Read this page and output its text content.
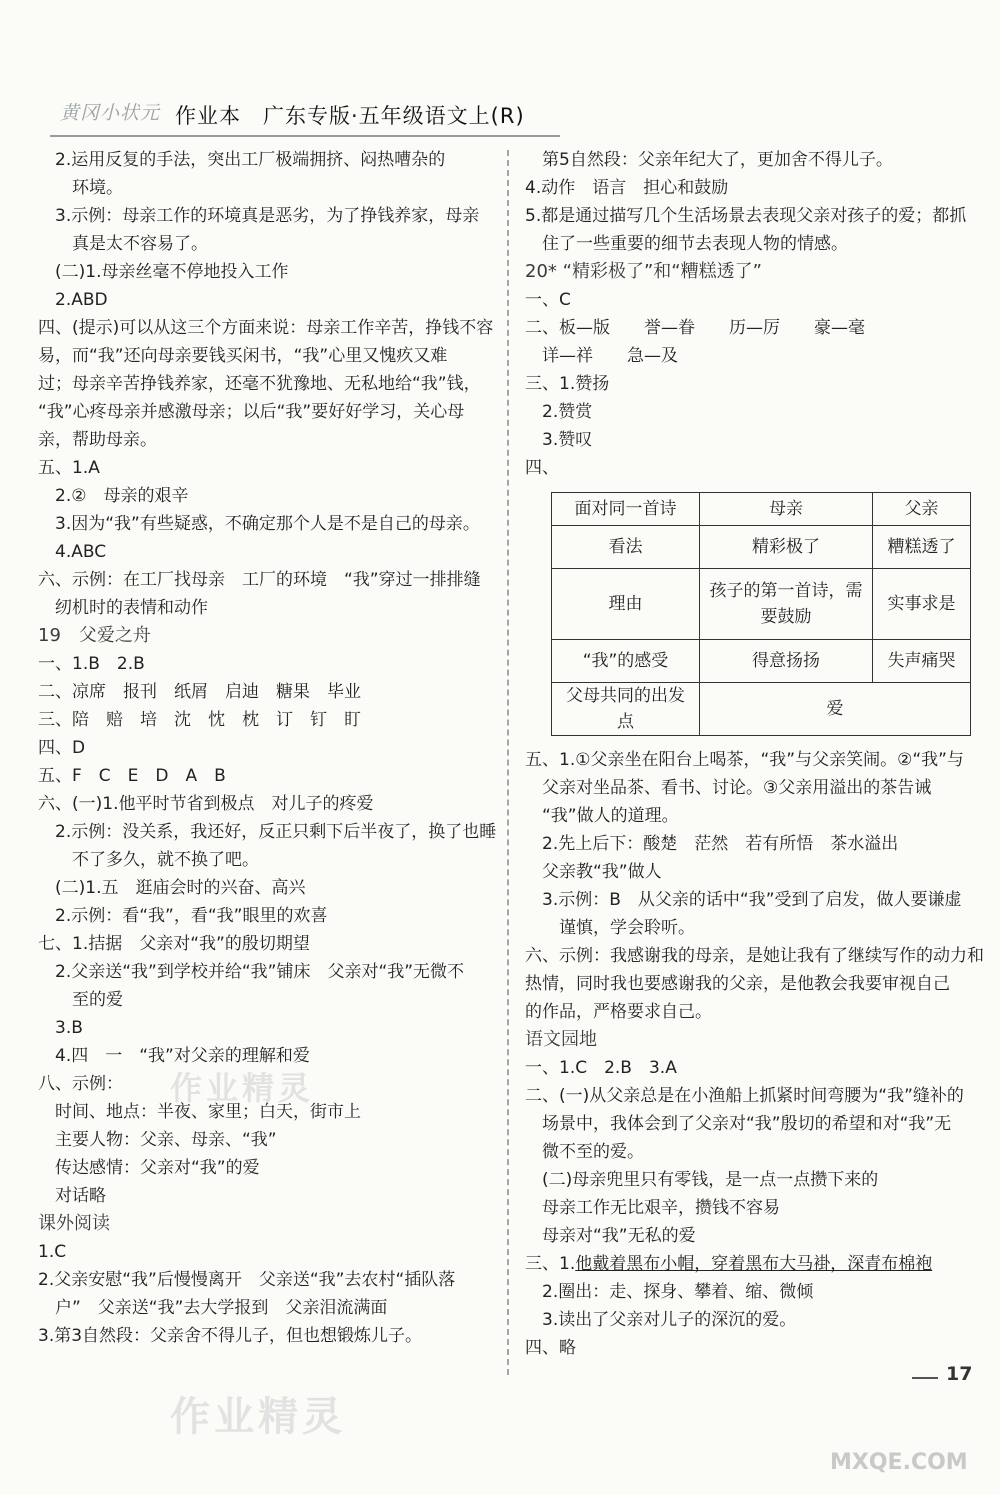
黄冈小状元 作业本　广东专版·五年级语文上(R)
　2.运用反复的手法，突出工厂极端拥挤、闷热嘈杂的
　　环境。
　3.示例：母亲工作的环境真是恶劣，为了挣钱养家，母亲
　　真是太不容易了。
　(二)1.母亲丝毫不停地投入工作
　2.ABD
四、(提示)可以从这三个方面来说：母亲工作辛苦，挣钱不容
易，而“我”还向母亲要钱买闲书，“我”心里又愧疚又难
过；母亲辛苦挣钱养家，还毫不犹豫地、无私地给“我”钱，
“我”心疼母亲并感激母亲；以后“我”要好好学习，关心母
亲，帮助母亲。
五、1.A
　2.②　母亲的艰辛
　3.因为“我”有些疑惑，不确定那个人是不是自己的母亲。
　4.ABC
六、示例：在工厂找母亲　工厂的环境　“我”穿过一排排缝
　纫机时的表情和动作
19　父爱之舟
一、1.B　2.B
二、凉席　报刊　纸屑　启迪　糖果　毕业
三、陪　赔　培　沈　忱　枕　订　钉　盯
四、D
五、F　C　E　D　A　B
六、(一)1.他平时节省到极点　对儿子的疼爱
　2.示例：没关系，我还好，反正只剩下后半夜了，换了也睡
　　不了多久，就不换了吧。
　(二)1.五　逛庙会时的兴奋、高兴
　2.示例：看“我”，看“我”眼里的欢喜
七、1.拮据　父亲对“我”的殷切期望
　2.父亲送“我”到学校并给“我”铺床　父亲对“我”无微不
　　至的爱
　3.B
　4.四　一　“我”对父亲的理解和爱
八、示例：
　时间、地点：半夜、家里；白天，街市上
　主要人物：父亲、母亲、“我”
　传达感情：父亲对“我”的爱
　对话略
课外阅读
1.C
2.父亲安慰“我”后慢慢离开　父亲送“我”去农村“插队落
　户”　父亲送“我”去大学报到　父亲泪流满面
3.第3自然段：父亲舍不得儿子，但也想锻炼儿子。
　第5自然段：父亲年纪大了，更加舍不得儿子。
4.动作　语言　担心和鼓励
5.都是通过描写几个生活场景去表现父亲对孩子的爱；都抓
　住了一些重要的细节去表现人物的情感。
20* “精彩极了”和“糟糕透了”
一、C
二、板—版　　誉—眷　　历—厉　　豪—毫
　详—祥　　急—及
三、1.赞扬
　2.赞赏
　3.赞叹
四、
面对同一首诗	母亲	父亲
看法	精彩极了	糟糕透了
理由	孩子的第一首诗，需要鼓励	实事求是
“我”的感受	得意扬扬	失声痛哭
父母共同的出发点	爱	
五、1.①父亲坐在阳台上喝茶，“我”与父亲笑闹。②“我”与
　父亲对坐品茶、看书、讨论。③父亲用溢出的茶告诫
　“我”做人的道理。
　2.先上后下：酸楚　茫然　若有所悟　茶水溢出
　父亲教“我”做人
　3.示例：B　从父亲的话中“我”受到了启发，做人要谦虚
　　谨慎，学会聆听。
六、示例：我感谢我的母亲，是她让我有了继续写作的动力和
热情，同时我也要感谢我的父亲，是他教会我要审视自己
的作品，严格要求自己。
语文园地
一、1.C　2.B　3.A
二、(一)从父亲总是在小渔船上抓紧时间弯腰为“我”缝补的
　场景中，我体会到了父亲对“我”殷切的希望和对“我”无
　微不至的爱。
　(二)母亲兜里只有零钱，是一点一点攒下来的
　母亲工作无比艰辛，攒钱不容易
　母亲对“我”无私的爱
三、1.他戴着黑布小帽，穿着黑布大马褂，深青布棉袍
　2.圈出：走、探身、攀着、缩、微倾
　3.读出了父亲对儿子的深沉的爱。
四、略
作业精灵
作业精灵
MXQE.COM
17
